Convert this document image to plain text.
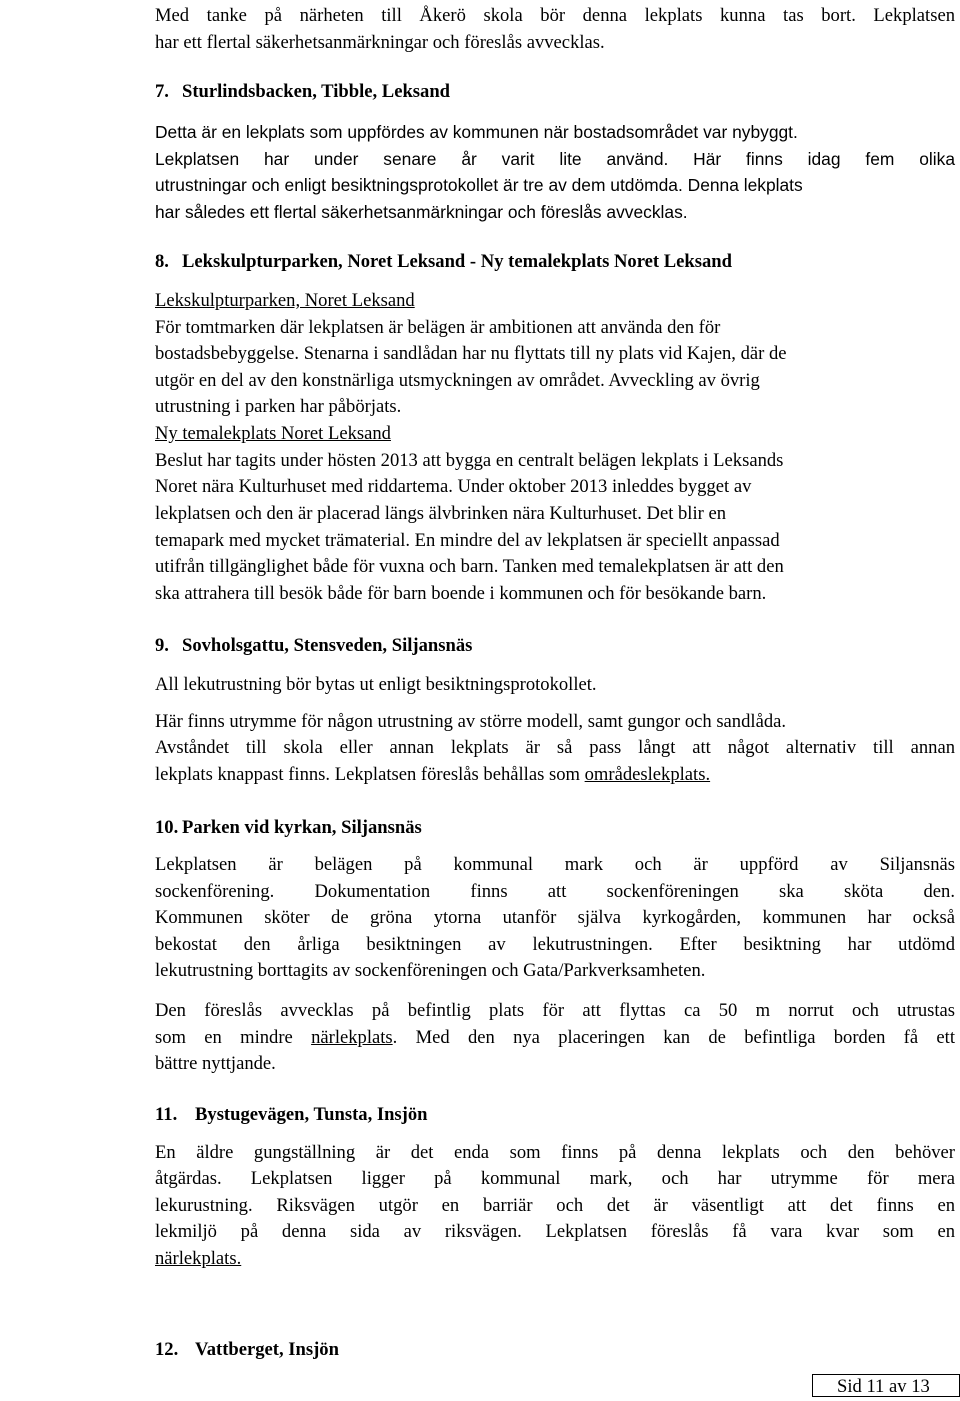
Med tanke på närheten till Åkerö skola bör denna lekplats kunna tas bort. Lekplatsen
har ett flertal säkerhetsanmärkningar och föreslås avvecklas.
7. Sturlindsbacken, Tibble, Leksand
Detta är en lekplats som uppfördes av kommunen när bostadsområdet var nybyggt.
Lekplatsen har under senare år varit lite använd. Här finns idag fem olika
utrustningar och enligt besiktningsprotokollet är tre av dem utdömda. Denna lekplats
har således ett flertal säkerhetsanmärkningar och föreslås avvecklas.
8. Lekskulpturparken, Noret Leksand - Ny temalekplats Noret Leksand
Lekskulpturparken, Noret Leksand
För tomtmarken där lekplatsen är belägen är ambitionen att använda den för
bostadsbebyggelse. Stenarna i sandlådan har nu flyttats till ny plats vid Kajen, där de
utgör en del av den konstnärliga utsmyckningen av området. Avveckling av övrig
utrustning i parken har påbörjats.
Ny temalekplats Noret Leksand
Beslut har tagits under hösten 2013 att bygga en centralt belägen lekplats i Leksands
Noret nära Kulturhuset med riddartema. Under oktober 2013 inleddes bygget av
lekplatsen och den är placerad längs älvbrinken nära Kulturhuset. Det blir en
temapark med mycket trämaterial. En mindre del av lekplatsen är speciellt anpassad
utifrån tillgänglighet både för vuxna och barn. Tanken med temalekplatsen är att den
ska attrahera till besök både för barn boende i kommunen och för besökande barn.
9. Sovholsgattu, Stensveden, Siljansnäs
All lekutrustning bör bytas ut enligt besiktningsprotokollet.
Här finns utrymme för någon utrustning av större modell, samt gungor och sandlåda.
Avståndet till skola eller annan lekplats är så pass långt att något alternativ till annan
lekplats knappast finns. Lekplatsen föreslås behållas som områdeslekplats.
10. Parken vid kyrkan, Siljansnäs
Lekplatsen är belägen på kommunal mark och är uppförd av Siljansnäs
sockenförening. Dokumentation finns att sockenföreningen ska sköta den.
Kommunen sköter de gröna ytorna utanför själva kyrkogården, kommunen har också
bekostat den årliga besiktningen av lekutrustningen. Efter besiktning har utdömd
lekutrustning borttagits av sockenföreningen och Gata/Parkverksamheten.
Den föreslås avvecklas på befintlig plats för att flyttas ca 50 m norrut och utrustas
som en mindre närlekplats. Med den nya placeringen kan de befintliga borden få ett
bättre nyttjande.
11. Bystugevägen, Tunsta, Insjön
En äldre gungställning är det enda som finns på denna lekplats och den behöver
åtgärdas. Lekplatsen ligger på kommunal mark, och har utrymme för mera
lekurustning. Riksvägen utgör en barriär och det är väsentligt att det finns en
lekmiljö på denna sida av riksvägen. Lekplatsen föreslås få vara kvar som en
närlekplats.
12. Vattberget, Insjön
Sid 11 av 13
